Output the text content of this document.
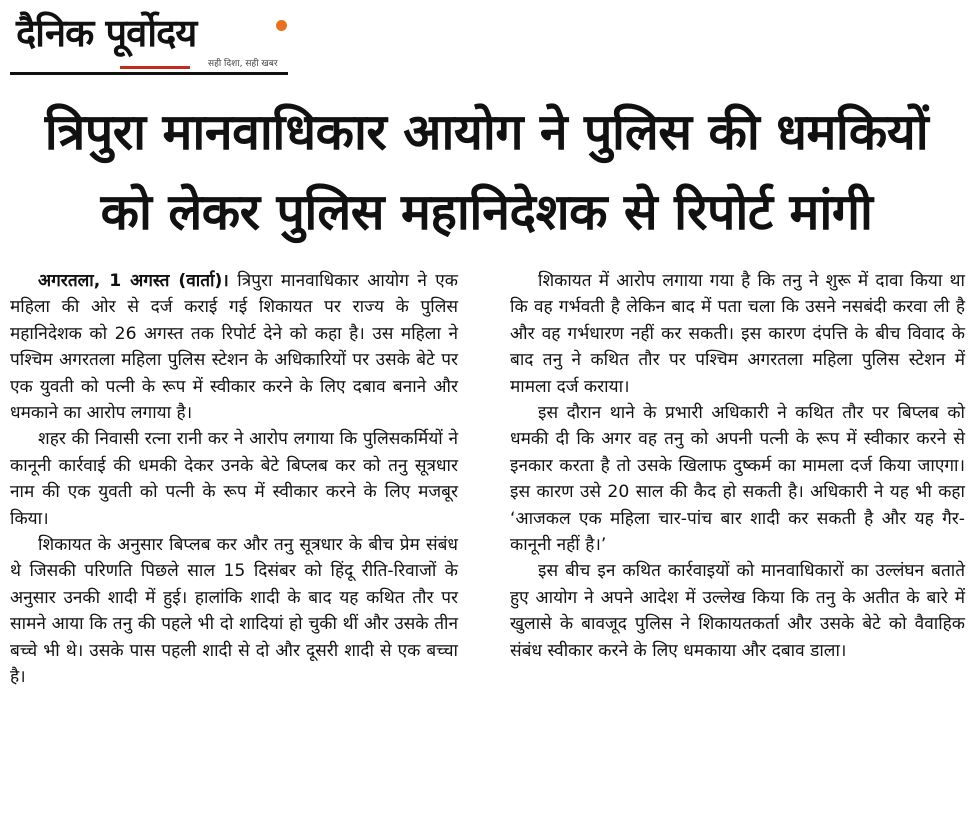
दैनिक पूर्वोदय
सही दिशा, सही खबर
त्रिपुरा मानवाधिकार आयोग ने पुलिस की धमकियों
को लेकर पुलिस महानिदेशक से रिपोर्ट मांगी

अगरतला, 1 अगस्त (वार्ता)। त्रिपुरा मानवाधिकार आयोग ने एक महिला की ओर से दर्ज कराई गई शिकायत पर राज्य के पुलिस महानिदेशक को 26 अगस्त तक रिपोर्ट देने को कहा है। उस महिला ने पश्चिम अगरतला महिला पुलिस स्टेशन के अधिकारियों पर उसके बेटे पर एक युवती को पत्नी के रूप में स्वीकार करने के लिए दबाव बनाने और धमकाने का आरोप लगाया है।

शहर की निवासी रत्ना रानी कर ने आरोप लगाया कि पुलिसकर्मियों ने कानूनी कार्रवाई की धमकी देकर उनके बेटे बिप्लब कर को तनु सूत्रधार नाम की एक युवती को पत्नी के रूप में स्वीकार करने के लिए मजबूर किया।

शिकायत के अनुसार बिप्लब कर और तनु सूत्रधार के बीच प्रेम संबंध थे जिसकी परिणति पिछले साल 15 दिसंबर को हिंदू रीति-रिवाजों के अनुसार उनकी शादी में हुई। हालांकि शादी के बाद यह कथित तौर पर सामने आया कि तनु की पहले भी दो शादियां हो चुकी थीं और उसके तीन बच्चे भी थे। उसके पास पहली शादी से दो और दूसरी शादी से एक बच्चा है।

शिकायत में आरोप लगाया गया है कि तनु ने शुरू में दावा किया था कि वह गर्भवती है लेकिन बाद में पता चला कि उसने नसबंदी करवा ली है और वह गर्भधारण नहीं कर सकती। इस कारण दंपत्ति के बीच विवाद के बाद तनु ने कथित तौर पर पश्चिम अगरतला महिला पुलिस स्टेशन में मामला दर्ज कराया।

इस दौरान थाने के प्रभारी अधिकारी ने कथित तौर पर बिप्लब को धमकी दी कि अगर वह तनु को अपनी पत्नी के रूप में स्वीकार करने से इनकार करता है तो उसके खिलाफ दुष्कर्म का मामला दर्ज किया जाएगा। इस कारण उसे 20 साल की कैद हो सकती है। अधिकारी ने यह भी कहा ‘आजकल एक महिला चार-पांच बार शादी कर सकती है और यह गैर-कानूनी नहीं है।’

इस बीच इन कथित कार्रवाइयों को मानवाधिकारों का उल्लंघन बताते हुए आयोग ने अपने आदेश में उल्लेख किया कि तनु के अतीत के बारे में खुलासे के बावजूद पुलिस ने शिकायतकर्ता और उसके बेटे को वैवाहिक संबंध स्वीकार करने के लिए धमकाया और दबाव डाला।
